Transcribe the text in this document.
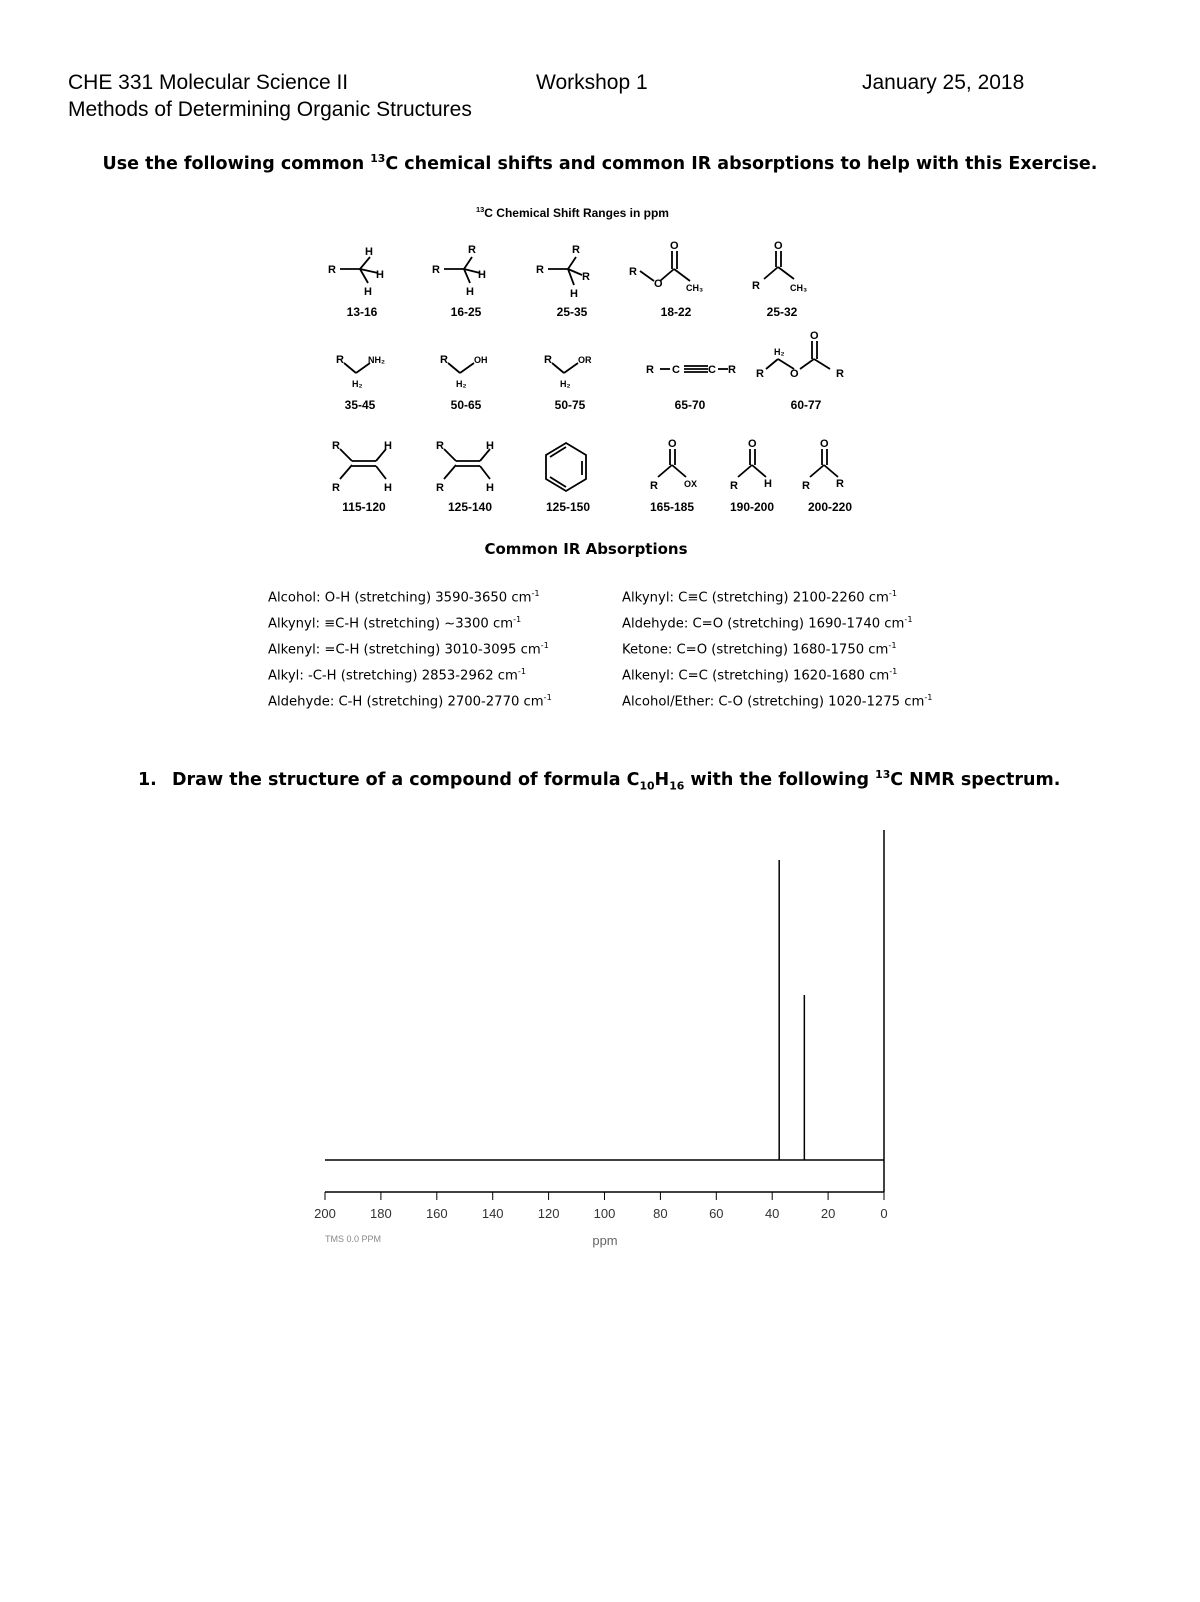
CHE 331 Molecular Science II	Workshop 1	January 25, 2018
Methods of Determining Organic Structures
Use the following common $^{13}$C chemical shifts and common IR absorptions to help with this Exercise.
$^{13}$C Chemical Shift Ranges in ppm
R
H
H
H
R
R
H
H
R
R
R
H
R
O
O
CH₃	R
O
CH₃
R	NH₂
H₂
R	OH
H₂
R	OR
H₂
R C	C R R O
H₂
O
R
R	H
R	H
R	H
R	H
O
R	OX
O
R H
O
R R
13-16	16-25	25-35	18-22	25-32
35-45	50-65	50-75	65-70	60-77
115-120	125-140	125-150	165-185	190-200	200-220
Common IR Absorptions
Alcohol: O-H (stretching) 3590-3650 $cm^{-1}$
Alkynyl: ≡C-H (stretching) ~3300 $cm^{-1}$
Alkenyl: =C-H (stretching) 3010-3095 $cm^{-1}$
Alkyl: -C-H (stretching) 2853-2962 $cm^{-1}$
Aldehyde: C-H (stretching) 2700-2770 $cm^{-1}$
Alkynyl: C≡C (stretching) 2100-2260 $cm^{-1}$
Aldehyde: C=O (stretching) 1690-1740 $cm^{-1}$
Ketone: C=O (stretching) 1680-1750 $cm^{-1}$
Alkenyl: C=C (stretching) 1620-1680 $cm^{-1}$
Alcohol/Ether: C-O (stretching) 1020-1275 $cm^{-1}$
1. Draw the structure of a compound of formula $C_{10}H_{16}$ with the following $^{13}$C NMR spectrum.
200	180	160	140	120	100	80	60	40	20	0
ppm
TMS 0.0 PPM
